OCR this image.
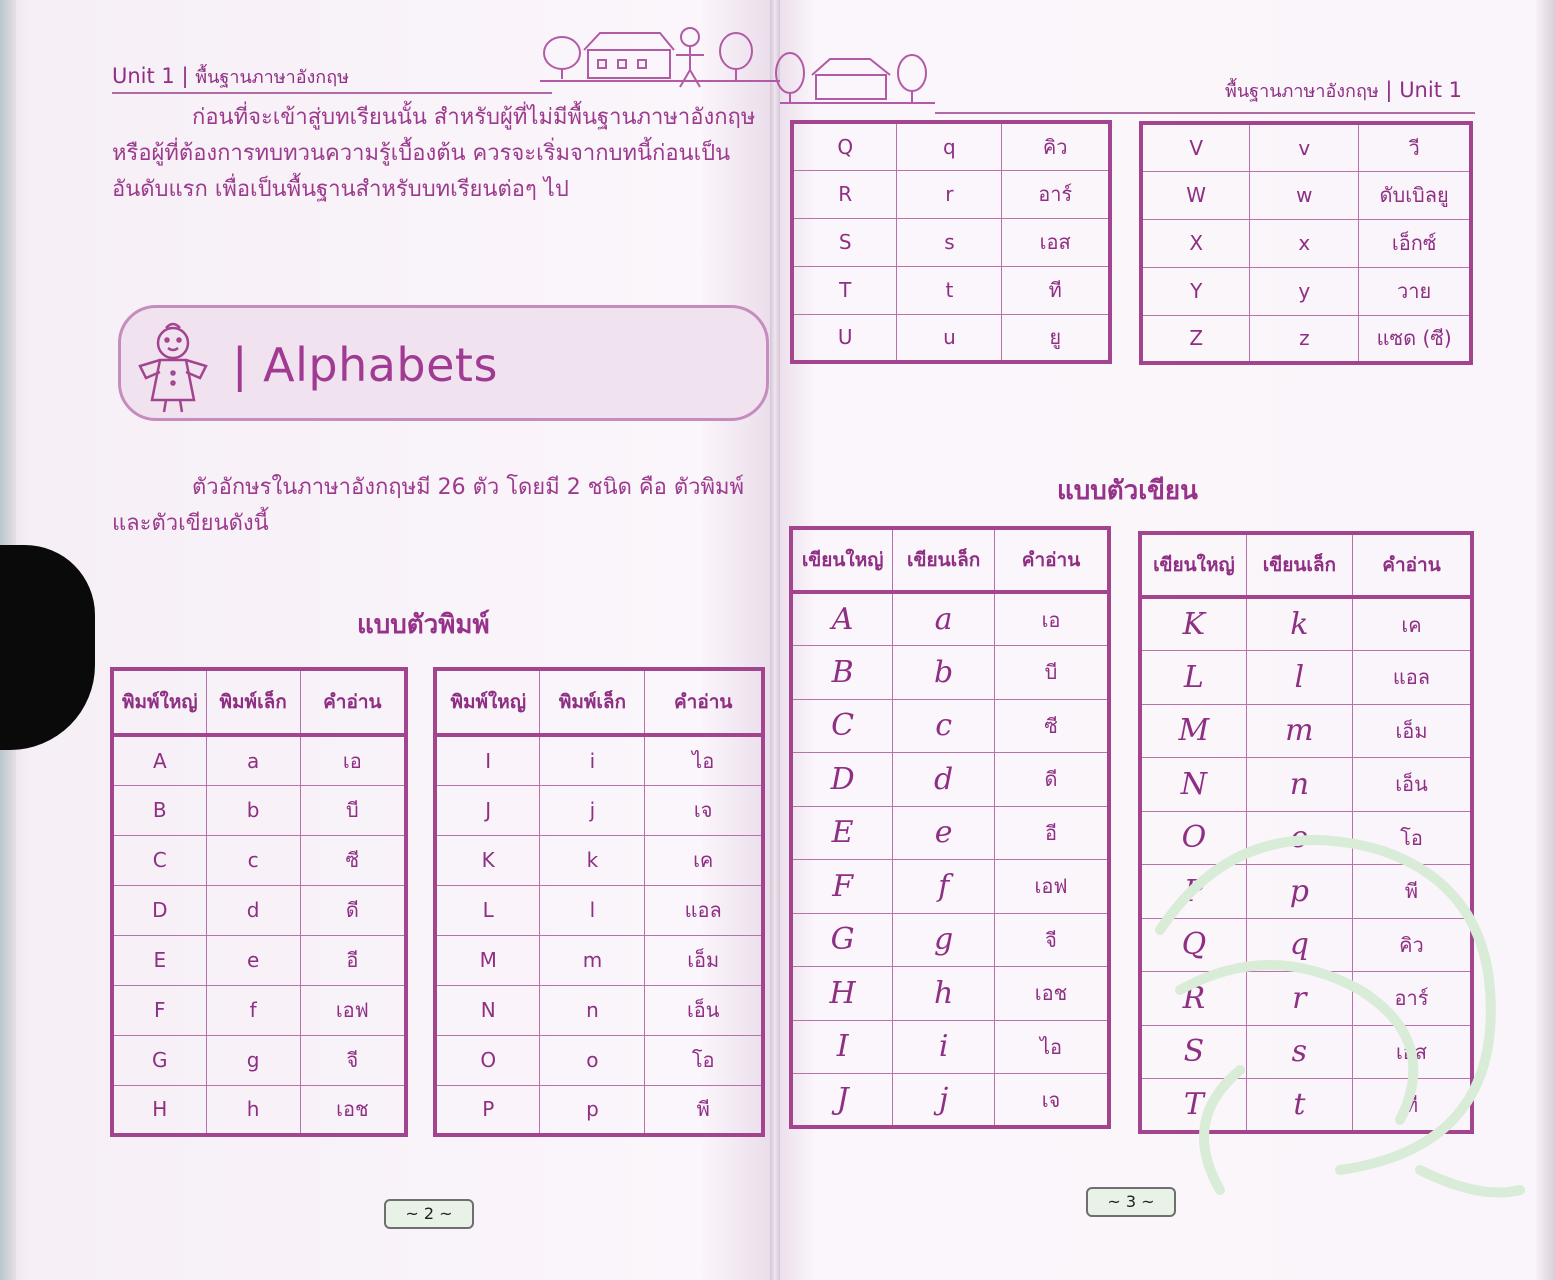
Unit 1 | พื้นฐานภาษาอังกฤษ
พื้นฐานภาษาอังกฤษ | Unit 1
ก่อนที่จะเข้าสู่บทเรียนนั้น สำหรับผู้ที่ไม่มีพื้นฐานภาษาอังกฤษ
หรือผู้ที่ต้องการทบทวนความรู้เบื้องต้น ควรจะเริ่มจากบทนี้ก่อนเป็น
อันดับแรก เพื่อเป็นพื้นฐานสำหรับบทเรียนต่อๆ ไป
| Alphabets
ตัวอักษรในภาษาอังกฤษมี 26 ตัว โดยมี 2 ชนิด คือ ตัวพิมพ์
และตัวเขียนดังนี้
แบบตัวพิมพ์
แบบตัวเขียน
พิมพ์ใหญ่	พิมพ์เล็ก	คำอ่าน
A	a	เอ
B	b	บี
C	c	ซี
D	d	ดี
E	e	อี
F	f	เอฟ
G	g	จี
H	h	เอช
พิมพ์ใหญ่	พิมพ์เล็ก	คำอ่าน
I	i	ไอ
J	j	เจ
K	k	เค
L	l	แอล
M	m	เอ็ม
N	n	เอ็น
O	o	โอ
P	p	พี
Q	q	คิว
R	r	อาร์
S	s	เอส
T	t	ที
U	u	ยู
V	v	วี
W	w	ดับเบิลยู
X	x	เอ็กซ์
Y	y	วาย
Z	z	แซด (ซี)
เขียนใหญ่	เขียนเล็ก	คำอ่าน
A	a	เอ
B	b	บี
C	c	ซี
D	d	ดี
E	e	อี
F	f	เอฟ
G	g	จี
H	h	เอช
I	i	ไอ
J	j	เจ
เขียนใหญ่	เขียนเล็ก	คำอ่าน
K	k	เค
L	l	แอล
M	m	เอ็ม
N	n	เอ็น
O	o	โอ
P	p	พี
Q	q	คิว
R	r	อาร์
S	s	เอส
T	t	ที
~ 2 ~
~ 3 ~
